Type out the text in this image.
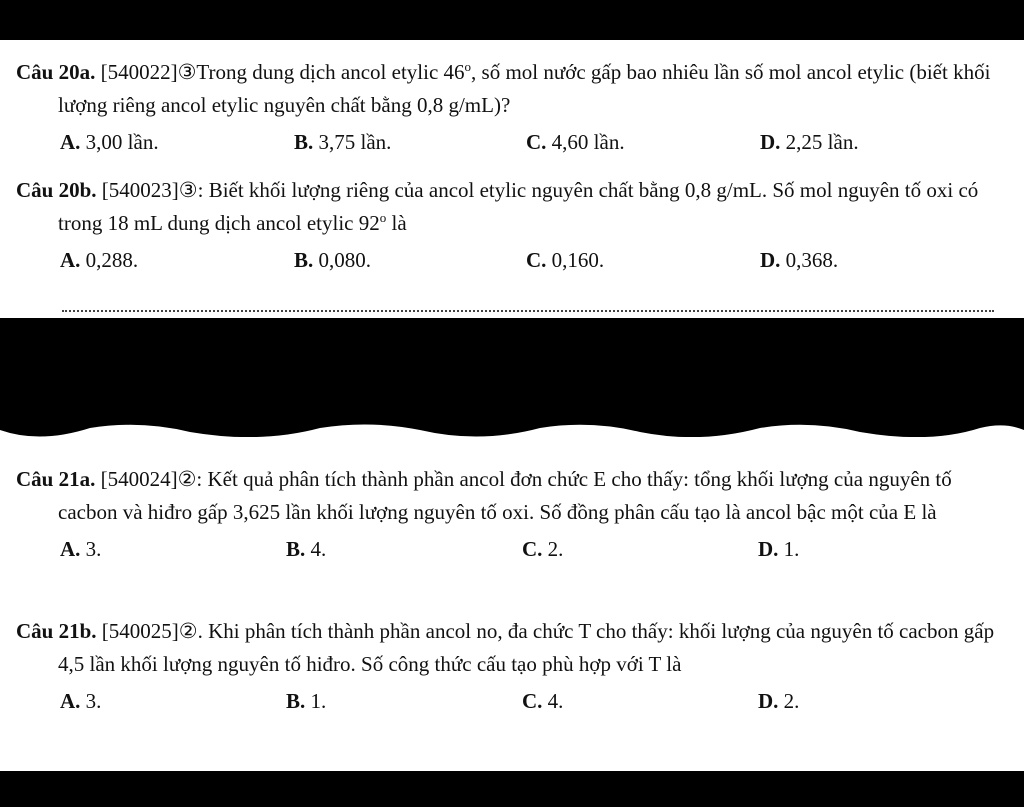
Câu 20a. [540022]③Trong dung dịch ancol etylic 46$^o$, số mol nước gấp bao nhiêu lần số mol ancol etylic (biết khối lượng riêng ancol etylic nguyên chất bằng 0,8 g/mL)?
A. 3,00 lần.	B. 3,75 lần.	C. 4,60 lần.	D. 2,25 lần.
Câu 20b. [540023]③: Biết khối lượng riêng của ancol etylic nguyên chất bằng 0,8 g/mL. Số mol nguyên tố oxi có trong 18 mL dung dịch ancol etylic 92$^o$ là
A. 0,288.	B. 0,080.	C. 0,160.	D. 0,368.
Câu 21a. [540024]②: Kết quả phân tích thành phần ancol đơn chức E cho thấy: tổng khối lượng của nguyên tố cacbon và hiđro gấp 3,625 lần khối lượng nguyên tố oxi. Số đồng phân cấu tạo là ancol bậc một của E là
A. 3.	B. 4.	C. 2.	D. 1.
Câu 21b. [540025]②. Khi phân tích thành phần ancol no, đa chức T cho thấy: khối lượng của nguyên tố cacbon gấp 4,5 lần khối lượng nguyên tố hiđro. Số công thức cấu tạo phù hợp với T là
A. 3.	B. 1.	C. 4.	D. 2.
